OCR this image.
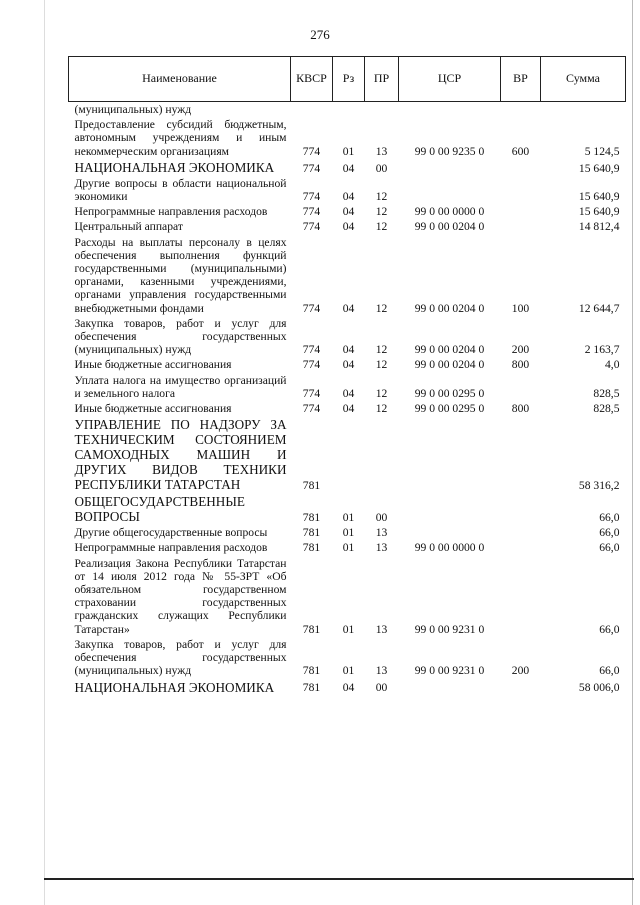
276
Наименование	КВСР	Рз	ПР	ЦСР	ВР	Сумма
(муниципальных) нужд						
Предоставление субсидий бюджетным, автономным учреждениям и иным некоммерческим организациям	774	01	13	99 0 00 9235 0	600	5 124,5
НАЦИОНАЛЬНАЯ ЭКОНОМИКА	774	04	00			15 640,9
Другие вопросы в области национальной экономики	774	04	12			15 640,9
Непрограммные направления расходов	774	04	12	99 0 00 0000 0		15 640,9
Центральный аппарат	774	04	12	99 0 00 0204 0		14 812,4
Расходы на выплаты персоналу в целях обеспечения выполнения функций государственными (муниципальными) органами, казенными учреждениями, органами управления государственными внебюджетными фондами	774	04	12	99 0 00 0204 0	100	12 644,7
Закупка товаров, работ и услуг для обеспечения государственных (муниципальных) нужд	774	04	12	99 0 00 0204 0	200	2 163,7
Иные бюджетные ассигнования	774	04	12	99 0 00 0204 0	800	4,0
Уплата налога на имущество организаций и земельного налога	774	04	12	99 0 00 0295 0		828,5
Иные бюджетные ассигнования	774	04	12	99 0 00 0295 0	800	828,5
УПРАВЛЕНИЕ ПО НАДЗОРУ ЗА ТЕХНИЧЕСКИМ СОСТОЯНИЕМ САМОХОДНЫХ МАШИН И ДРУГИХ ВИДОВ ТЕХНИКИ РЕСПУБЛИКИ ТАТАРСТАН	781					58 316,2
ОБЩЕГОСУДАРСТВЕННЫЕ ВОПРОСЫ	781	01	00			66,0
Другие общегосударственные вопросы	781	01	13			66,0
Непрограммные направления расходов	781	01	13	99 0 00 0000 0		66,0
Реализация Закона Республики Татарстан от 14 июля 2012 года № 55-ЗРТ «Об обязательном государственном страховании государственных гражданских служащих Республики Татарстан»	781	01	13	99 0 00 9231 0		66,0
Закупка товаров, работ и услуг для обеспечения государственных (муниципальных) нужд	781	01	13	99 0 00 9231 0	200	66,0
НАЦИОНАЛЬНАЯ ЭКОНОМИКА	781	04	00			58 006,0
